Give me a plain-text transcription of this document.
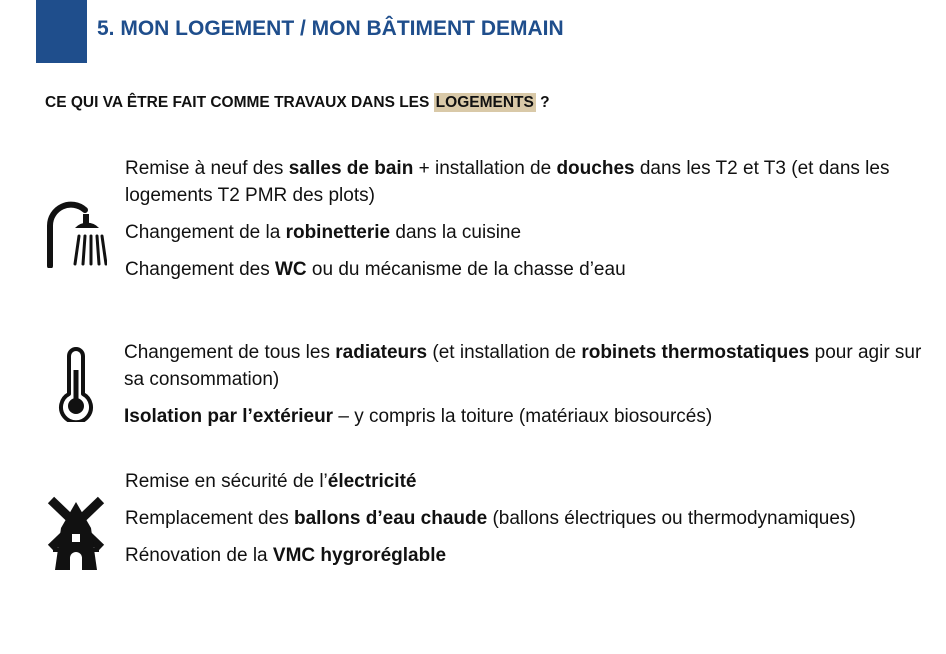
5. MON LOGEMENT / MON BÂTIMENT DEMAIN

CE QUI VA ÊTRE FAIT COMME TRAVAUX DANS LES LOGEMENTS ?

Remise à neuf des salles de bain + installation de douches dans les T2 et T3 (et dans les logements T2 PMR des plots)
Changement de la robinetterie dans la cuisine
Changement des WC ou du mécanisme de la chasse d’eau
Changement de tous les radiateurs (et installation de robinets thermostatiques pour agir sur sa consommation)
Isolation par l’extérieur – y compris la toiture (matériaux biosourcés)
Remise en sécurité de l’électricité
Remplacement des ballons d’eau chaude (ballons électriques ou thermodynamiques)
Rénovation de la VMC hygroréglable
